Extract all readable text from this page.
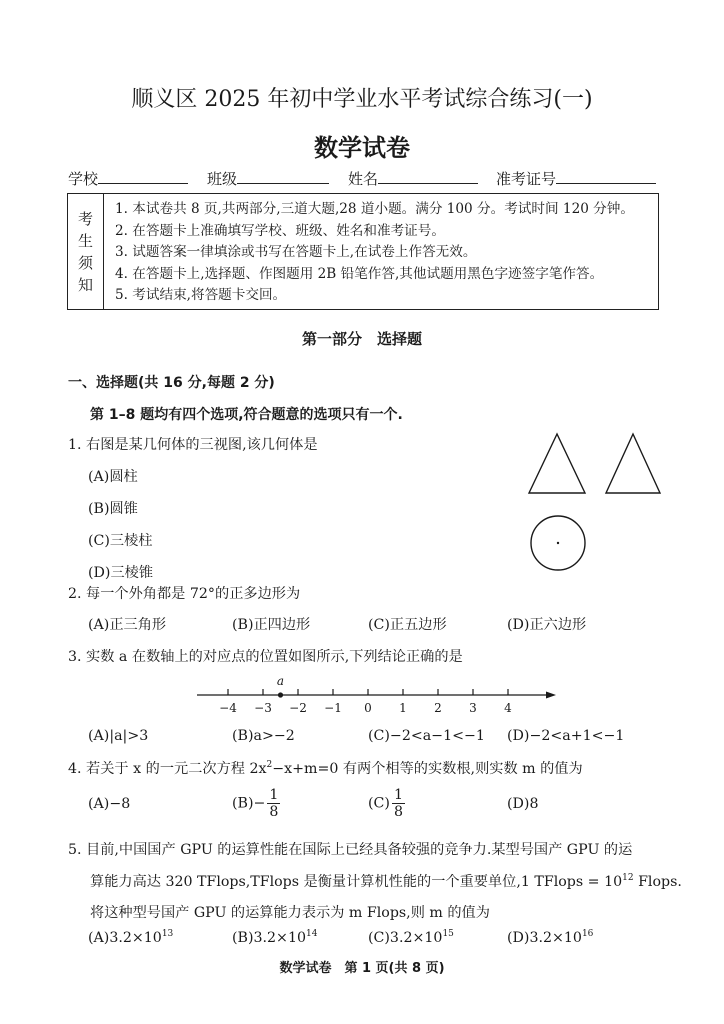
顺义区 2025 年初中学业水平考试综合练习(一)
数学试卷
学校	班级	姓名	准考证号
考
生
须
知
1. 本试卷共 8 页,共两部分,三道大题,28 道小题。满分 100 分。考试时间 120 分钟。
2. 在答题卡上准确填写学校、班级、姓名和准考证号。
3. 试题答案一律填涂或书写在答题卡上,在试卷上作答无效。
4. 在答题卡上,选择题、作图题用 2B 铅笔作答,其他试题用黑色字迹签字笔作答。
5. 考试结束,将答题卡交回。
第一部分　选择题
一、选择题(共 16 分,每题 2 分)
第 1–8 题均有四个选项,符合题意的选项只有一个.
1. 右图是某几何体的三视图,该几何体是
(A)圆柱
(B)圆锥
(C)三棱柱
(D)三棱锥
−4 −3 −2 −1 0 1 2 3 4
a
2. 每一个外角都是 72°的正多边形为
(A)正三角形	(B)正四边形	(C)正五边形	(D)正六边形
3. 实数 a 在数轴上的对应点的位置如图所示,下列结论正确的是
(A)|a|>3	(B)a>−2	(C)−2<a−1<−1 (D)−2<a+1<−1
4. 若关于 x 的一元二次方程 $2x^2-x+m=0$ 有两个相等的实数根,则实数 m 的值为
(A)−8	$(B)- \frac{1}{8}$	$(C) \frac{1}{8}$	(D)8
5. 目前,中国国产 GPU 的运算性能在国际上已经具备较强的竞争力.某型号国产 GPU 的运
算能力高达 320 TFlops,TFlops 是衡量计算机性能的一个重要单位,1 TFlops = $10^{12}$ Flops.
将这种型号国产 GPU 的运算能力表示为 m Flops,则 m 的值为
$(A)3.2\times 10^{13}$	$(B)3.2\times 10^{14}$	$(C)3.2\times 10^{15}$	$(D)3.2\times 10^{16}$
数学试卷　第 1 页(共 8 页)
